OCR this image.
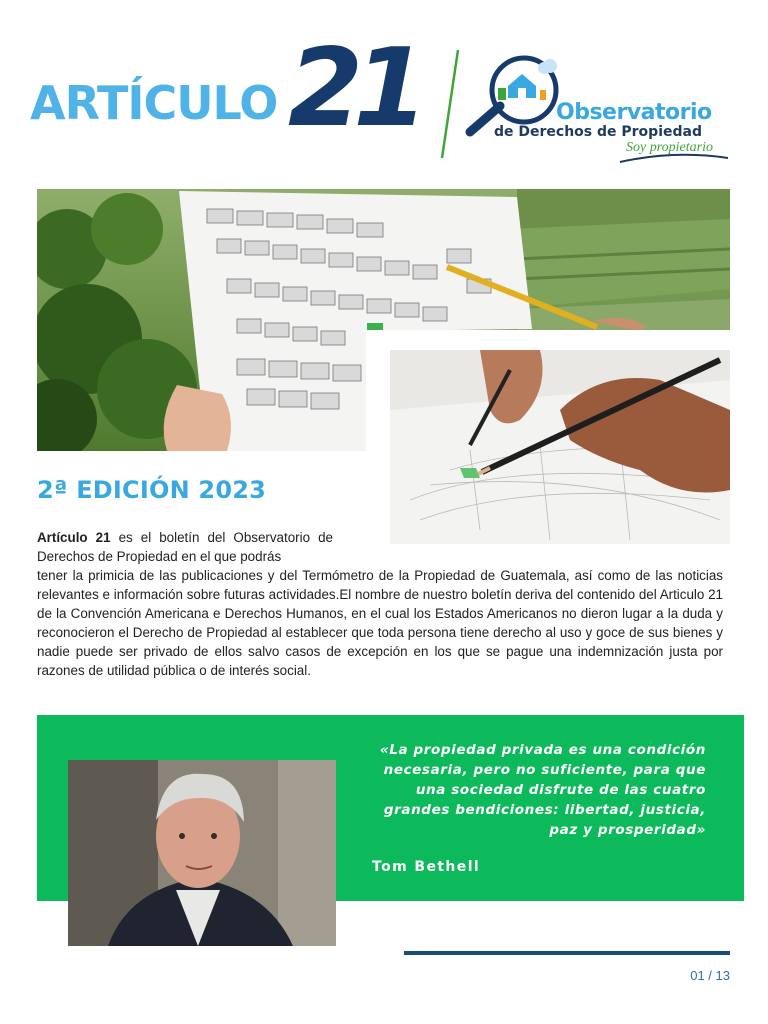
ARTÍCULO 21	Observatorio
de Derechos de Propiedad
Soy propietario
2ª EDICIÓN 2023

Artículo 21 es el boletín del Observatorio de Derechos de Propiedad en el que podrás

tener la primicia de las publicaciones y del Termómetro de la Propiedad de Guatemala, así como de las noticias relevantes e información sobre futuras actividades.El nombre de nuestro boletín deriva del contenido del Articulo 21 de la Convención Americana e Derechos Humanos, en el cual los Estados Americanos no dieron lugar a la duda y reconocieron el Derecho de Propiedad al establecer que toda persona tiene derecho al uso y goce de sus bienes y nadie puede ser privado de ellos salvo casos de excepción en los que se pague una indemnización justa por razones de utilidad pública o de interés social.

«La propiedad privada es una condición necesaria, pero no suficiente, para que una sociedad disfrute de las cuatro grandes bendiciones: libertad, justicia, paz y prosperidad»

Tom Bethell
01 / 13
